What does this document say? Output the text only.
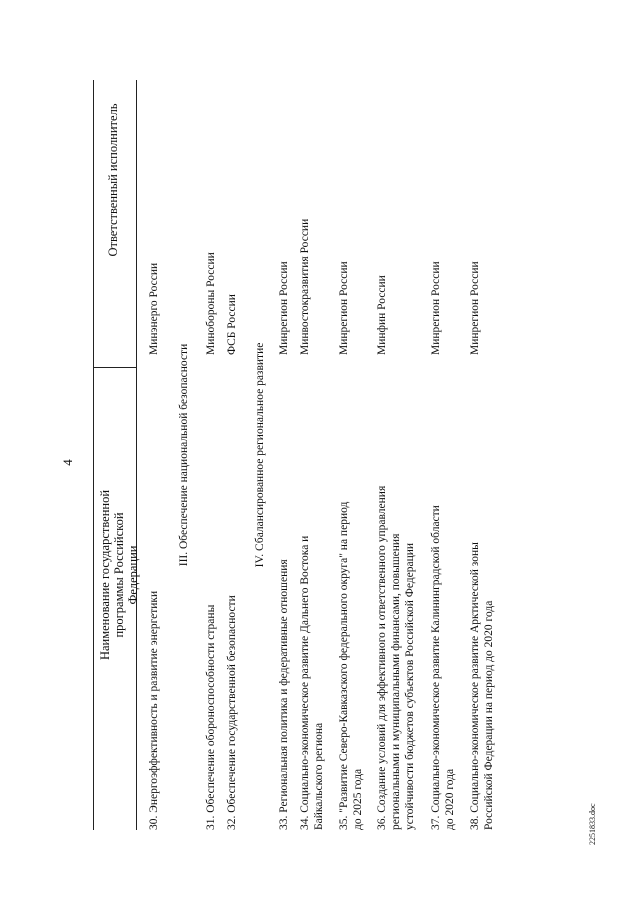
4
Наименование государственной программы Российской Федерации
Ответственный исполнитель
30. Энергоэффективность и развитие энергетики
Минэнерго России
III. Обеспечение национальной безопасности
31. Обеспечение обороноспособности страны
Минобороны России
32. Обеспечение государственной безопасности
ФСБ России
IV. Сбалансированное региональное развитие
33. Региональная политика и федеративные отношения
Минрегион России
34. Социально-экономическое развитие Дальнего Востока и Байкальского региона
Минвостокразвития России
35. "Развитие Северо-Кавказского федерального округа" на период до 2025 года
Минрегион России
36. Создание условий для эффективного и ответственного управления региональными и муниципальными финансами, повышения устойчивости бюджетов субъектов Российской Федерации
Минфин России
37. Социально-экономическое развитие Калининградской области до 2020 года
Минрегион России
38. Социально-экономическое развитие Арктической зоны Российской Федерации на период до 2020 года
Минрегион России
2251833.doc
